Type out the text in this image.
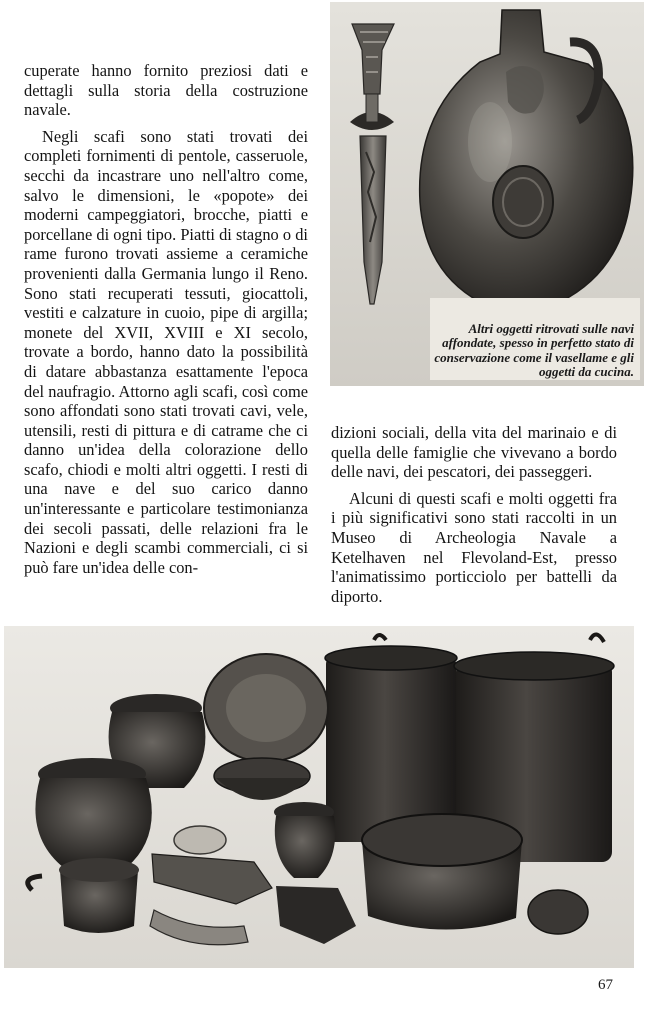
cuperate hanno fornito preziosi dati e dettagli sulla storia della costruzione navale.

Negli scafi sono stati trovati dei completi fornimenti di pentole, casseruole, secchi da incastrare uno nell'altro come, salvo le dimensioni, le «popote» dei moderni campeggiatori, brocche, piatti e porcellane di ogni tipo. Piatti di stagno o di rame furono trovati assieme a ceramiche provenienti dalla Germania lungo il Reno. Sono stati recuperati tessuti, giocattoli, vestiti e calzature in cuoio, pipe di argilla; monete del XVII, XVIII e XI secolo, trovate a bordo, hanno dato la possibilità di datare abbastanza esattamente l'epoca del naufragio. Attorno agli scafi, così come sono affondati sono stati trovati cavi, vele, utensili, resti di pittura e di catrame che ci danno un'idea della colorazione dello scafo, chiodi e molti altri oggetti. I resti di una nave e del suo carico danno un'interessante e particolare testimonianza dei secoli passati, delle relazioni fra le Nazioni e degli scambi commerciali, ci si può fare un'idea delle con-

Altri oggetti ritrovati sulle navi affondate, spesso in perfetto stato di conservazione come il vasellame e gli oggetti da cucina.

dizioni sociali, della vita del marinaio e di quella delle famiglie che vivevano a bordo delle navi, dei pescatori, dei passeggeri.

Alcuni di questi scafi e molti oggetti fra i più significativi sono stati raccolti in un Museo di Archeologia Navale a Ketelhaven nel Flevoland-Est, presso l'animatissimo porticciolo per battelli da diporto.

67
